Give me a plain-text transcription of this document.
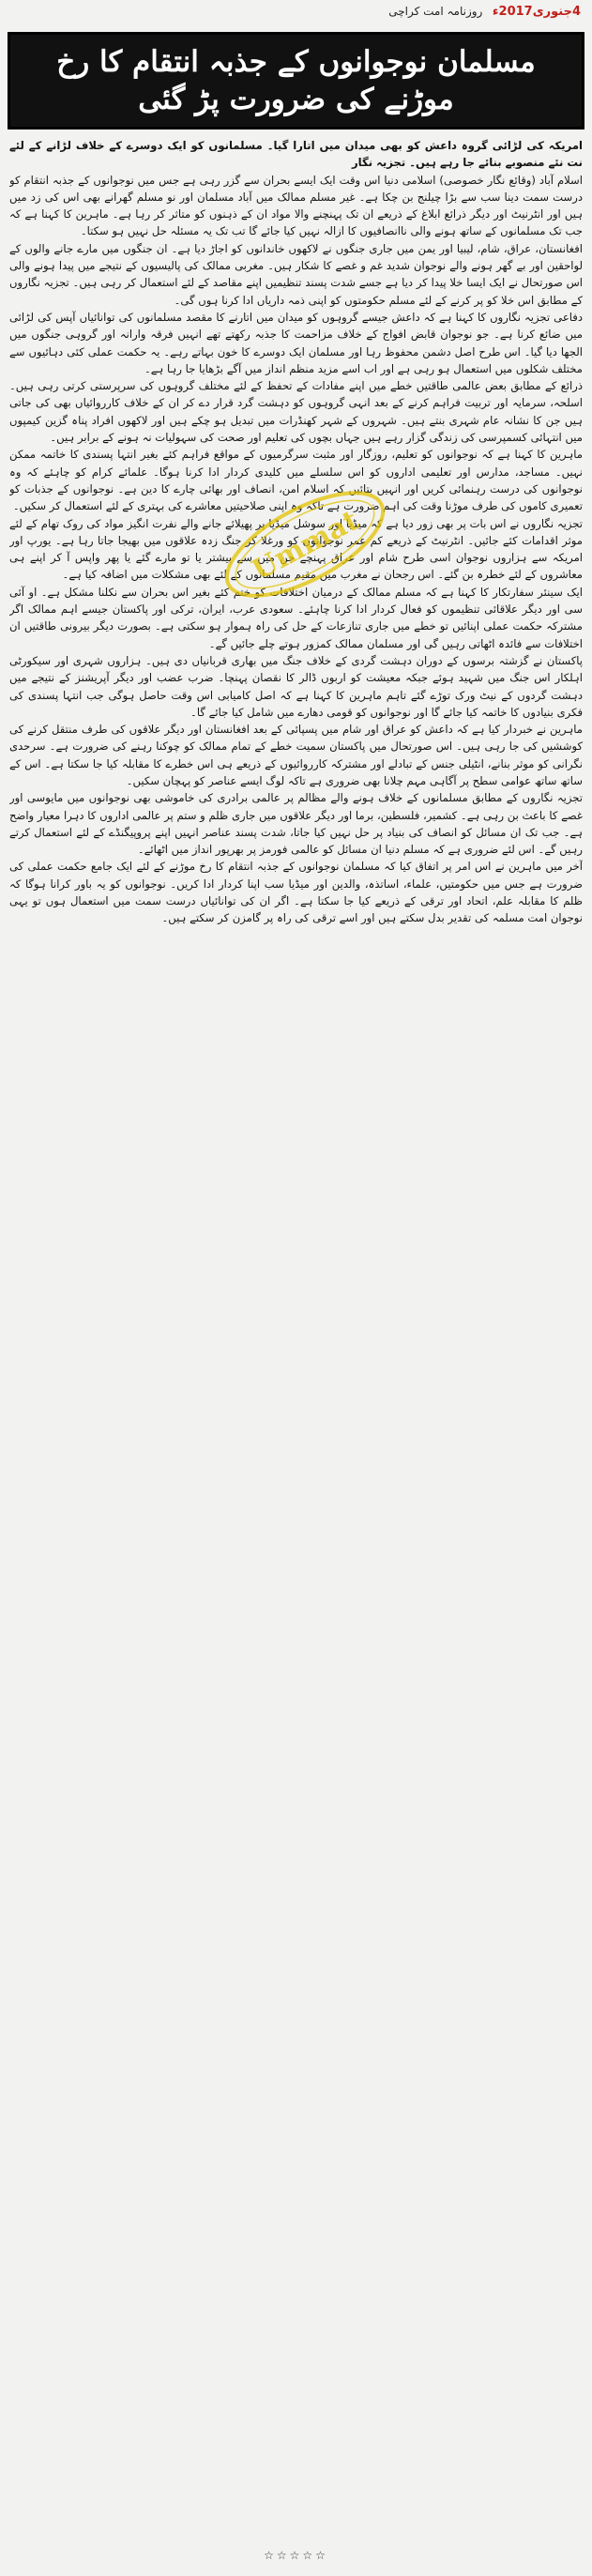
4جنوری2017ء روزنامہ امت کراچی
مسلمان نوجوانوں کے جذبہ انتقام کا رخ موڑنے کی ضرورت پڑ گئی

امریکہ کی لڑائی گروہ داعش کو بھی میدان میں اتارا گیا۔ مسلمانوں کو ایک دوسرے کے خلاف لڑانے کے لئے نت نئے منصوبے بنائے جا رہے ہیں۔ تجزیہ نگار

اسلام آباد (وقائع نگار خصوصی) اسلامی دنیا اس وقت ایک ایسے بحران سے گزر رہی ہے جس میں نوجوانوں کے جذبہ انتقام کو درست سمت دینا سب سے بڑا چیلنج بن چکا ہے۔ غیر مسلم ممالک میں آباد مسلمان اور نو مسلم گھرانے بھی اس کی زد میں ہیں اور انٹرنیٹ اور دیگر ذرائع ابلاغ کے ذریعے ان تک پہنچنے والا مواد ان کے ذہنوں کو متاثر کر رہا ہے۔ ماہرین کا کہنا ہے کہ جب تک مسلمانوں کے ساتھ ہونے والی ناانصافیوں کا ازالہ نہیں کیا جائے گا تب تک یہ مسئلہ حل نہیں ہو سکتا۔

افغانستان، عراق، شام، لیبیا اور یمن میں جاری جنگوں نے لاکھوں خاندانوں کو اجاڑ دیا ہے۔ ان جنگوں میں مارے جانے والوں کے لواحقین اور بے گھر ہونے والے نوجوان شدید غم و غصے کا شکار ہیں۔ مغربی ممالک کی پالیسیوں کے نتیجے میں پیدا ہونے والی اس صورتحال نے ایک ایسا خلا پیدا کر دیا ہے جسے شدت پسند تنظیمیں اپنے مقاصد کے لئے استعمال کر رہی ہیں۔ تجزیہ نگاروں کے مطابق اس خلا کو پر کرنے کے لئے مسلم حکومتوں کو اپنی ذمہ داریاں ادا کرنا ہوں گی۔

دفاعی تجزیہ نگاروں کا کہنا ہے کہ داعش جیسے گروہوں کو میدان میں اتارنے کا مقصد مسلمانوں کی توانائیاں آپس کی لڑائی میں ضائع کرنا ہے۔ جو نوجوان قابض افواج کے خلاف مزاحمت کا جذبہ رکھتے تھے انہیں فرقہ وارانہ اور گروہی جنگوں میں الجھا دیا گیا۔ اس طرح اصل دشمن محفوظ رہا اور مسلمان ایک دوسرے کا خون بہاتے رہے۔ یہ حکمت عملی کئی دہائیوں سے مختلف شکلوں میں استعمال ہو رہی ہے اور اب اسے مزید منظم انداز میں آگے بڑھایا جا رہا ہے۔

ذرائع کے مطابق بعض عالمی طاقتیں خطے میں اپنے مفادات کے تحفظ کے لئے مختلف گروہوں کی سرپرستی کرتی رہی ہیں۔ اسلحہ، سرمایہ اور تربیت فراہم کرنے کے بعد انہی گروہوں کو دہشت گرد قرار دے کر ان کے خلاف کارروائیاں بھی کی جاتی ہیں جن کا نشانہ عام شہری بنتے ہیں۔ شہروں کے شہر کھنڈرات میں تبدیل ہو چکے ہیں اور لاکھوں افراد پناہ گزین کیمپوں میں انتہائی کسمپرسی کی زندگی گزار رہے ہیں جہاں بچوں کی تعلیم اور صحت کی سہولیات نہ ہونے کے برابر ہیں۔

ماہرین کا کہنا ہے کہ نوجوانوں کو تعلیم، روزگار اور مثبت سرگرمیوں کے مواقع فراہم کئے بغیر انتہا پسندی کا خاتمہ ممکن نہیں۔ مساجد، مدارس اور تعلیمی اداروں کو اس سلسلے میں کلیدی کردار ادا کرنا ہوگا۔ علمائے کرام کو چاہئے کہ وہ نوجوانوں کی درست رہنمائی کریں اور انہیں بتائیں کہ اسلام امن، انصاف اور بھائی چارے کا دین ہے۔ نوجوانوں کے جذبات کو تعمیری کاموں کی طرف موڑنا وقت کی اہم ضرورت ہے تاکہ وہ اپنی صلاحیتیں معاشرے کی بہتری کے لئے استعمال کر سکیں۔

تجزیہ نگاروں نے اس بات پر بھی زور دیا ہے کہ میڈیا اور سوشل میڈیا پر پھیلائے جانے والے نفرت انگیز مواد کی روک تھام کے لئے موثر اقدامات کئے جائیں۔ انٹرنیٹ کے ذریعے کم عمر نوجوانوں کو ورغلا کر جنگ زدہ علاقوں میں بھیجا جاتا رہا ہے۔ یورپ اور امریکہ سے ہزاروں نوجوان اسی طرح شام اور عراق پہنچے جن میں سے بیشتر یا تو مارے گئے یا پھر واپس آ کر اپنے ہی معاشروں کے لئے خطرہ بن گئے۔ اس رجحان نے مغرب میں مقیم مسلمانوں کے لئے بھی مشکلات میں اضافہ کیا ہے۔

ایک سینئر سفارتکار کا کہنا ہے کہ مسلم ممالک کے درمیان اختلافات کو ختم کئے بغیر اس بحران سے نکلنا مشکل ہے۔ او آئی سی اور دیگر علاقائی تنظیموں کو فعال کردار ادا کرنا چاہئے۔ سعودی عرب، ایران، ترکی اور پاکستان جیسے اہم ممالک اگر مشترکہ حکمت عملی اپنائیں تو خطے میں جاری تنازعات کے حل کی راہ ہموار ہو سکتی ہے۔ بصورت دیگر بیرونی طاقتیں ان اختلافات سے فائدہ اٹھاتی رہیں گی اور مسلمان ممالک کمزور ہوتے چلے جائیں گے۔

پاکستان نے گزشتہ برسوں کے دوران دہشت گردی کے خلاف جنگ میں بھاری قربانیاں دی ہیں۔ ہزاروں شہری اور سیکورٹی اہلکار اس جنگ میں شہید ہوئے جبکہ معیشت کو اربوں ڈالر کا نقصان پہنچا۔ ضرب عضب اور دیگر آپریشنز کے نتیجے میں دہشت گردوں کے نیٹ ورک توڑے گئے تاہم ماہرین کا کہنا ہے کہ اصل کامیابی اس وقت حاصل ہوگی جب انتہا پسندی کی فکری بنیادوں کا خاتمہ کیا جائے گا اور نوجوانوں کو قومی دھارے میں شامل کیا جائے گا۔

ماہرین نے خبردار کیا ہے کہ داعش کو عراق اور شام میں پسپائی کے بعد افغانستان اور دیگر علاقوں کی طرف منتقل کرنے کی کوششیں کی جا رہی ہیں۔ اس صورتحال میں پاکستان سمیت خطے کے تمام ممالک کو چوکنا رہنے کی ضرورت ہے۔ سرحدی نگرانی کو موثر بنانے، انٹیلی جنس کے تبادلے اور مشترکہ کارروائیوں کے ذریعے ہی اس خطرے کا مقابلہ کیا جا سکتا ہے۔ اس کے ساتھ ساتھ عوامی سطح پر آگاہی مہم چلانا بھی ضروری ہے تاکہ لوگ ایسے عناصر کو پہچان سکیں۔

تجزیہ نگاروں کے مطابق مسلمانوں کے خلاف ہونے والے مظالم پر عالمی برادری کی خاموشی بھی نوجوانوں میں مایوسی اور غصے کا باعث بن رہی ہے۔ کشمیر، فلسطین، برما اور دیگر علاقوں میں جاری ظلم و ستم پر عالمی اداروں کا دہرا معیار واضح ہے۔ جب تک ان مسائل کو انصاف کی بنیاد پر حل نہیں کیا جاتا، شدت پسند عناصر انہیں اپنے پروپیگنڈے کے لئے استعمال کرتے رہیں گے۔ اس لئے ضروری ہے کہ مسلم دنیا ان مسائل کو عالمی فورمز پر بھرپور انداز میں اٹھائے۔

آخر میں ماہرین نے اس امر پر اتفاق کیا کہ مسلمان نوجوانوں کے جذبہ انتقام کا رخ موڑنے کے لئے ایک جامع حکمت عملی کی ضرورت ہے جس میں حکومتیں، علماء، اساتذہ، والدین اور میڈیا سب اپنا کردار ادا کریں۔ نوجوانوں کو یہ باور کرانا ہوگا کہ ظلم کا مقابلہ علم، اتحاد اور ترقی کے ذریعے کیا جا سکتا ہے۔ اگر ان کی توانائیاں درست سمت میں استعمال ہوں تو یہی نوجوان امت مسلمہ کی تقدیر بدل سکتے ہیں اور اسے ترقی کی راہ پر گامزن کر سکتے ہیں۔

Ummat
☆☆☆☆☆
